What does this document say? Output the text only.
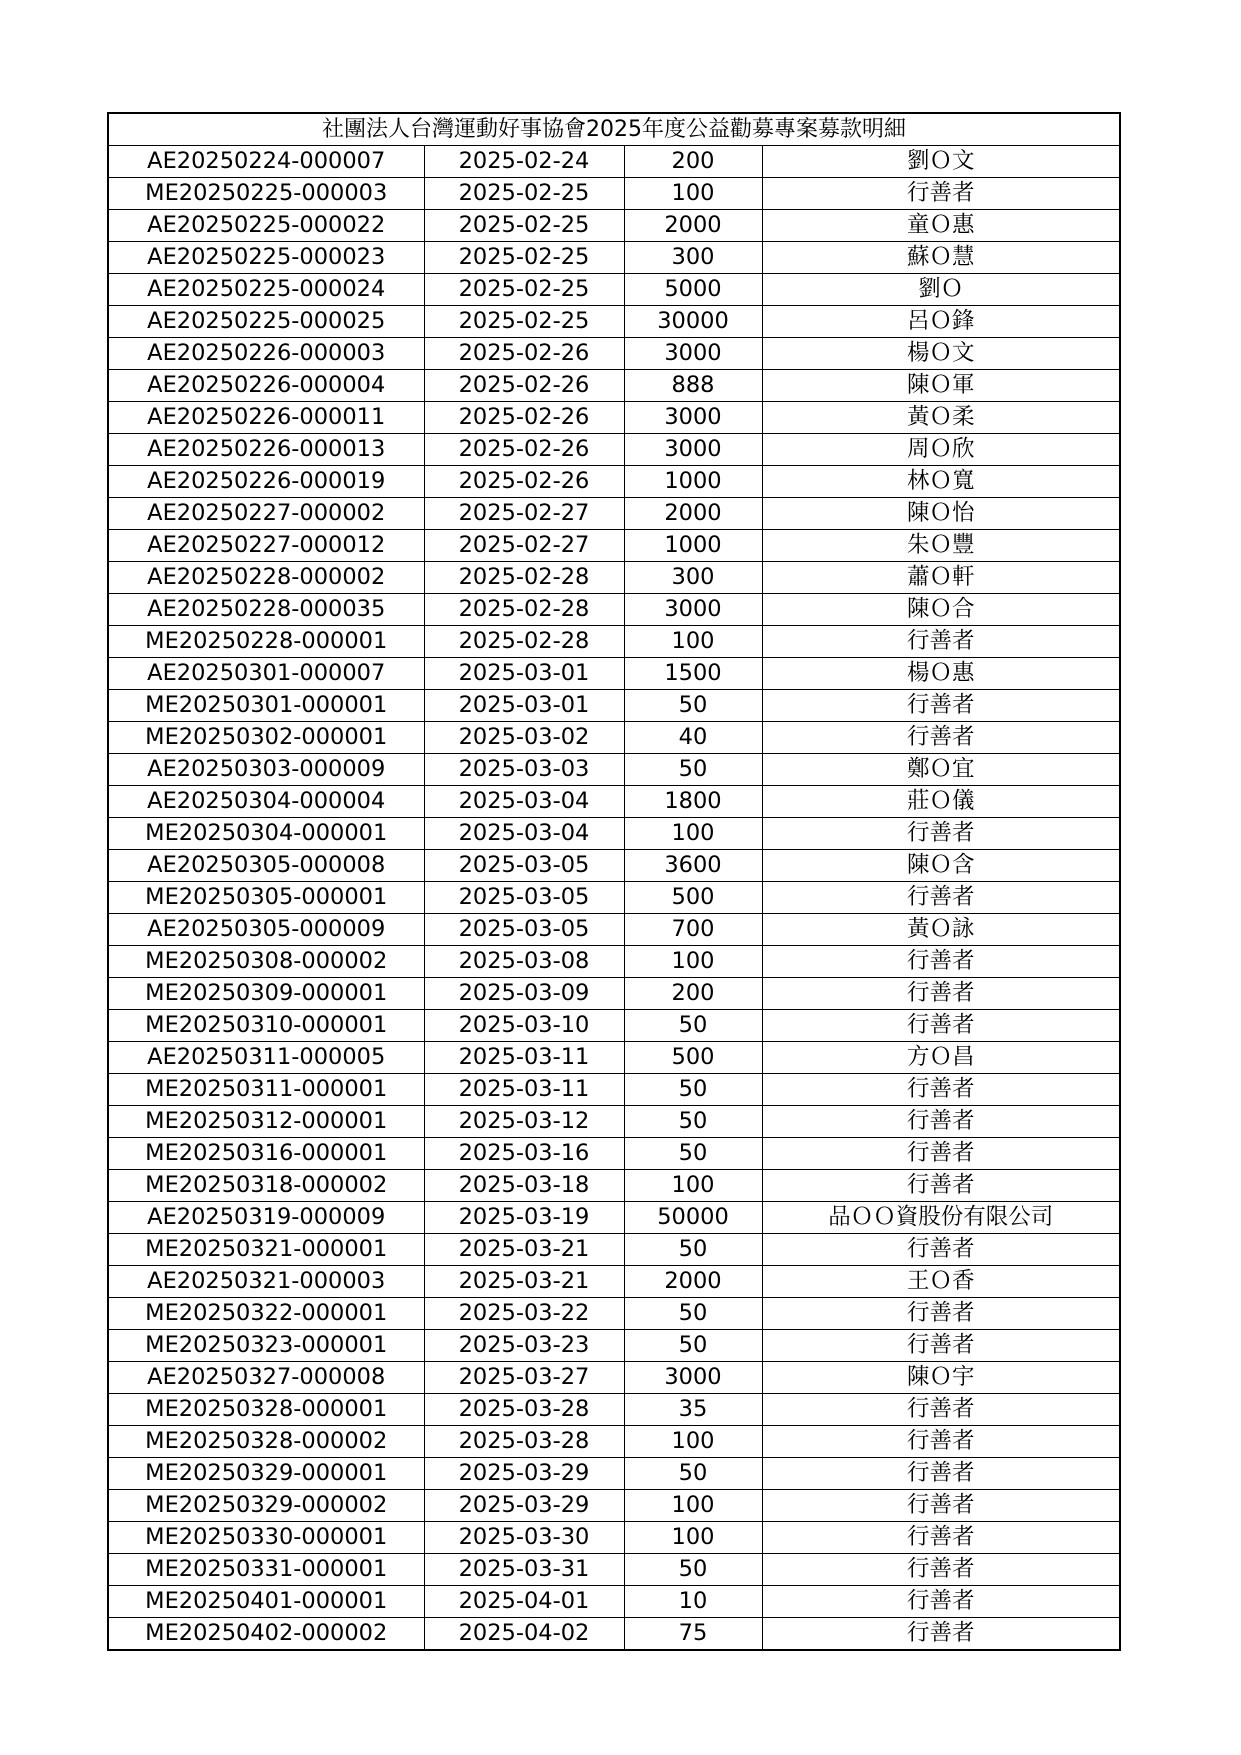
社團法人台灣運動好事協會2025年度公益勸募專案募款明細			
AE20250224-000007	2025-02-24	200	劉Ｏ文
ME20250225-000003	2025-02-25	100	行善者
AE20250225-000022	2025-02-25	2000	童Ｏ惠
AE20250225-000023	2025-02-25	300	蘇Ｏ慧
AE20250225-000024	2025-02-25	5000	劉Ｏ
AE20250225-000025	2025-02-25	30000	呂Ｏ鋒
AE20250226-000003	2025-02-26	3000	楊Ｏ文
AE20250226-000004	2025-02-26	888	陳Ｏ軍
AE20250226-000011	2025-02-26	3000	黃Ｏ柔
AE20250226-000013	2025-02-26	3000	周Ｏ欣
AE20250226-000019	2025-02-26	1000	林Ｏ寬
AE20250227-000002	2025-02-27	2000	陳Ｏ怡
AE20250227-000012	2025-02-27	1000	朱Ｏ豐
AE20250228-000002	2025-02-28	300	蕭Ｏ軒
AE20250228-000035	2025-02-28	3000	陳Ｏ合
ME20250228-000001	2025-02-28	100	行善者
AE20250301-000007	2025-03-01	1500	楊Ｏ惠
ME20250301-000001	2025-03-01	50	行善者
ME20250302-000001	2025-03-02	40	行善者
AE20250303-000009	2025-03-03	50	鄭Ｏ宜
AE20250304-000004	2025-03-04	1800	莊Ｏ儀
ME20250304-000001	2025-03-04	100	行善者
AE20250305-000008	2025-03-05	3600	陳Ｏ含
ME20250305-000001	2025-03-05	500	行善者
AE20250305-000009	2025-03-05	700	黃Ｏ詠
ME20250308-000002	2025-03-08	100	行善者
ME20250309-000001	2025-03-09	200	行善者
ME20250310-000001	2025-03-10	50	行善者
AE20250311-000005	2025-03-11	500	方Ｏ昌
ME20250311-000001	2025-03-11	50	行善者
ME20250312-000001	2025-03-12	50	行善者
ME20250316-000001	2025-03-16	50	行善者
ME20250318-000002	2025-03-18	100	行善者
AE20250319-000009	2025-03-19	50000	品ＯＯ資股份有限公司
ME20250321-000001	2025-03-21	50	行善者
AE20250321-000003	2025-03-21	2000	王Ｏ香
ME20250322-000001	2025-03-22	50	行善者
ME20250323-000001	2025-03-23	50	行善者
AE20250327-000008	2025-03-27	3000	陳Ｏ宇
ME20250328-000001	2025-03-28	35	行善者
ME20250328-000002	2025-03-28	100	行善者
ME20250329-000001	2025-03-29	50	行善者
ME20250329-000002	2025-03-29	100	行善者
ME20250330-000001	2025-03-30	100	行善者
ME20250331-000001	2025-03-31	50	行善者
ME20250401-000001	2025-04-01	10	行善者
ME20250402-000002	2025-04-02	75	行善者
